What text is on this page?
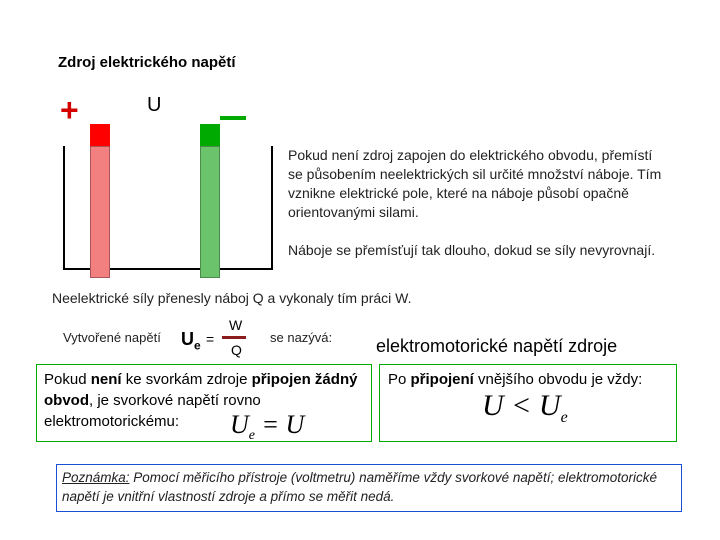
Zdroj elektrického napětí
+	U
Pokud není zdroj zapojen do elektrického obvodu, přemístí se působením neelektrických sil určité množství náboje. Tím vznikne elektrické pole, které na náboje působí opačně orientovanými silami.
Náboje se přemísťují tak dlouho, dokud se síly nevyrovnají.
Neelektrické síly přenesly náboj Q a vykonaly tím práci W.
Vytvořené napětí $U_e$ =
W
Q
se nazývá: elektromotorické napětí zdroje
Pokud není ke svorkám zdroje připojen žádný obvod, je svorkové napětí rovno elektromotorickému:	$U_e = U$
Po připojení vnějšího obvodu je vždy:
$U < U_e$
Poznámka: Pomocí měřicího přístroje (voltmetru) naměříme vždy svorkové napětí; elektromotorické napětí je vnitřní vlastností zdroje a přímo se měřit nedá.
